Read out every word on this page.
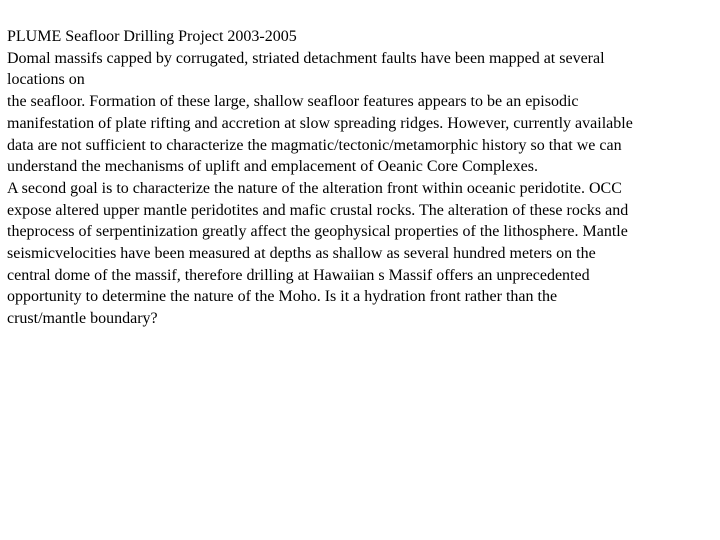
PLUME Seafloor Drilling Project 2003-2005
Domal massifs capped by corrugated, striated detachment faults have been mapped at several
locations on
the seafloor. Formation of these large, shallow seafloor features appears to be an episodic
manifestation of plate rifting and accretion at slow spreading ridges. However, currently available
data are not sufficient to characterize the magmatic/tectonic/metamorphic history so that we can
understand the mechanisms of uplift and emplacement of Oeanic Core Complexes.
A second goal is to characterize the nature of the alteration front within oceanic peridotite. OCC
expose altered upper mantle peridotites and mafic crustal rocks. The alteration of these rocks and
theprocess of serpentinization greatly affect the geophysical properties of the lithosphere. Mantle
seismicvelocities have been measured at depths as shallow as several hundred meters on the
central dome of the massif, therefore drilling at Hawaiian s Massif offers an unprecedented
opportunity to determine the nature of the Moho. Is it a hydration front rather than the
crust/mantle boundary?
